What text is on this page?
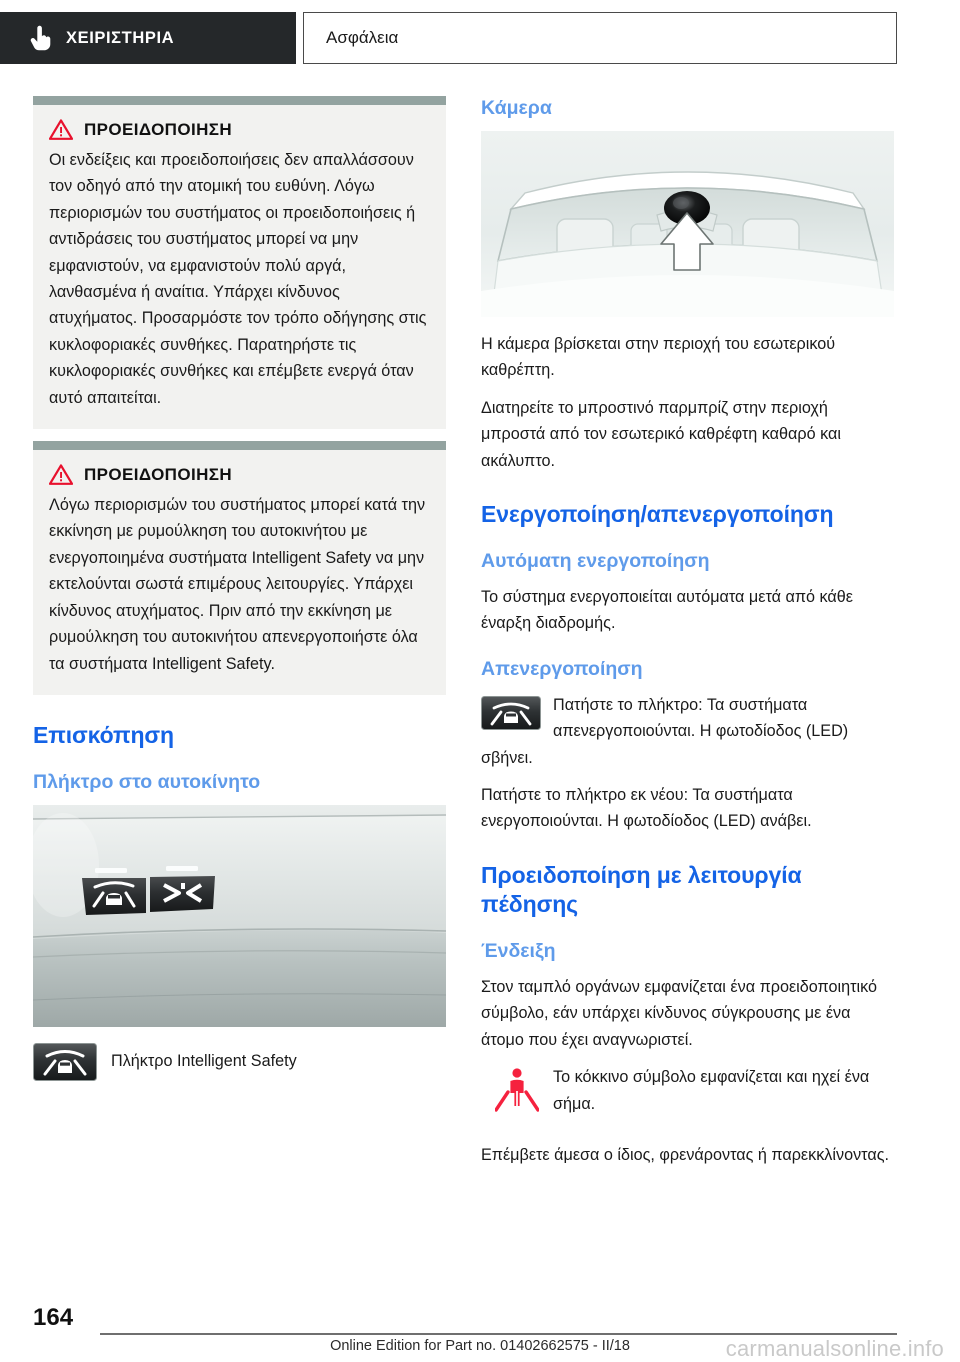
ΧΕΙΡΙΣΤΗΡΙΑ	Ασφάλεια
ΠΡΟΕΙΔΟΠΟΙΗΣΗ

Οι ενδείξεις και προειδοποιήσεις δεν απαλλάσσουν τον οδηγό από την ατομική του ευθύνη. Λόγω περιορισμών του συστήματος οι προειδοποιήσεις ή αντιδράσεις του συστήματος μπορεί να μην εμφανιστούν, να εμφανιστούν πολύ αργά, λανθασμένα ή αναίτια. Υπάρχει κίνδυνος ατυχήματος. Προσαρμόστε τον τρόπο οδήγησης στις κυκλοφοριακές συνθήκες. Παρατηρήστε τις κυκλοφοριακές συνθήκες και επέμβετε ενεργά όταν αυτό απαιτείται.

ΠΡΟΕΙΔΟΠΟΙΗΣΗ

Λόγω περιορισμών του συστήματος μπορεί κατά την εκκίνηση με ρυμούλκηση του αυτοκινήτου με ενεργοποιημένα συστήματα Intelligent Safety να μην εκτελούνται σωστά επιμέρους λειτουργίες. Υπάρχει κίνδυνος ατυχήματος. Πριν από την εκκίνηση με ρυμούλκηση του αυτοκινήτου απενεργοποιήστε όλα τα συστήματα Intelligent Safety.

Επισκόπηση
Πλήκτρο στο αυτοκίνητο
Πλήκτρο Intelligent Safety
Κάμερα

Η κάμερα βρίσκεται στην περιοχή του εσωτερικού καθρέπτη.

Διατηρείτε το μπροστινό παρμπρίζ στην περιοχή μπροστά από τον εσωτερικό καθρέφτη καθαρό και ακάλυπτο.

Ενεργοποίηση/απενεργοποίηση
Αυτόματη ενεργοποίηση

Το σύστημα ενεργοποιείται αυτόματα μετά από κάθε έναρξη διαδρομής.

Απενεργοποίηση

Πατήστε το πλήκτρο: Τα συστήματα απενεργοποιούνται. Η φωτοδίοδος (LED) σβήνει.

Πατήστε το πλήκτρο εκ νέου: Τα συστήματα ενεργοποιούνται. Η φωτοδίοδος (LED) ανάβει.

Προειδοποίηση με λειτουργία πέδησης
Ένδειξη

Στον ταμπλό οργάνων εμφανίζεται ένα προειδοποιητικό σύμβολο, εάν υπάρχει κίνδυνος σύγκρουσης με ένα άτομο που έχει αναγνωριστεί.

Το κόκκινο σύμβολο εμφανίζεται και ηχεί ένα σήμα.

Επέμβετε άμεσα ο ίδιος, φρενάροντας ή παρεκκλίνοντας.

164
Online Edition for Part no. 01402662575 - II/18	carmanualsonline.info
